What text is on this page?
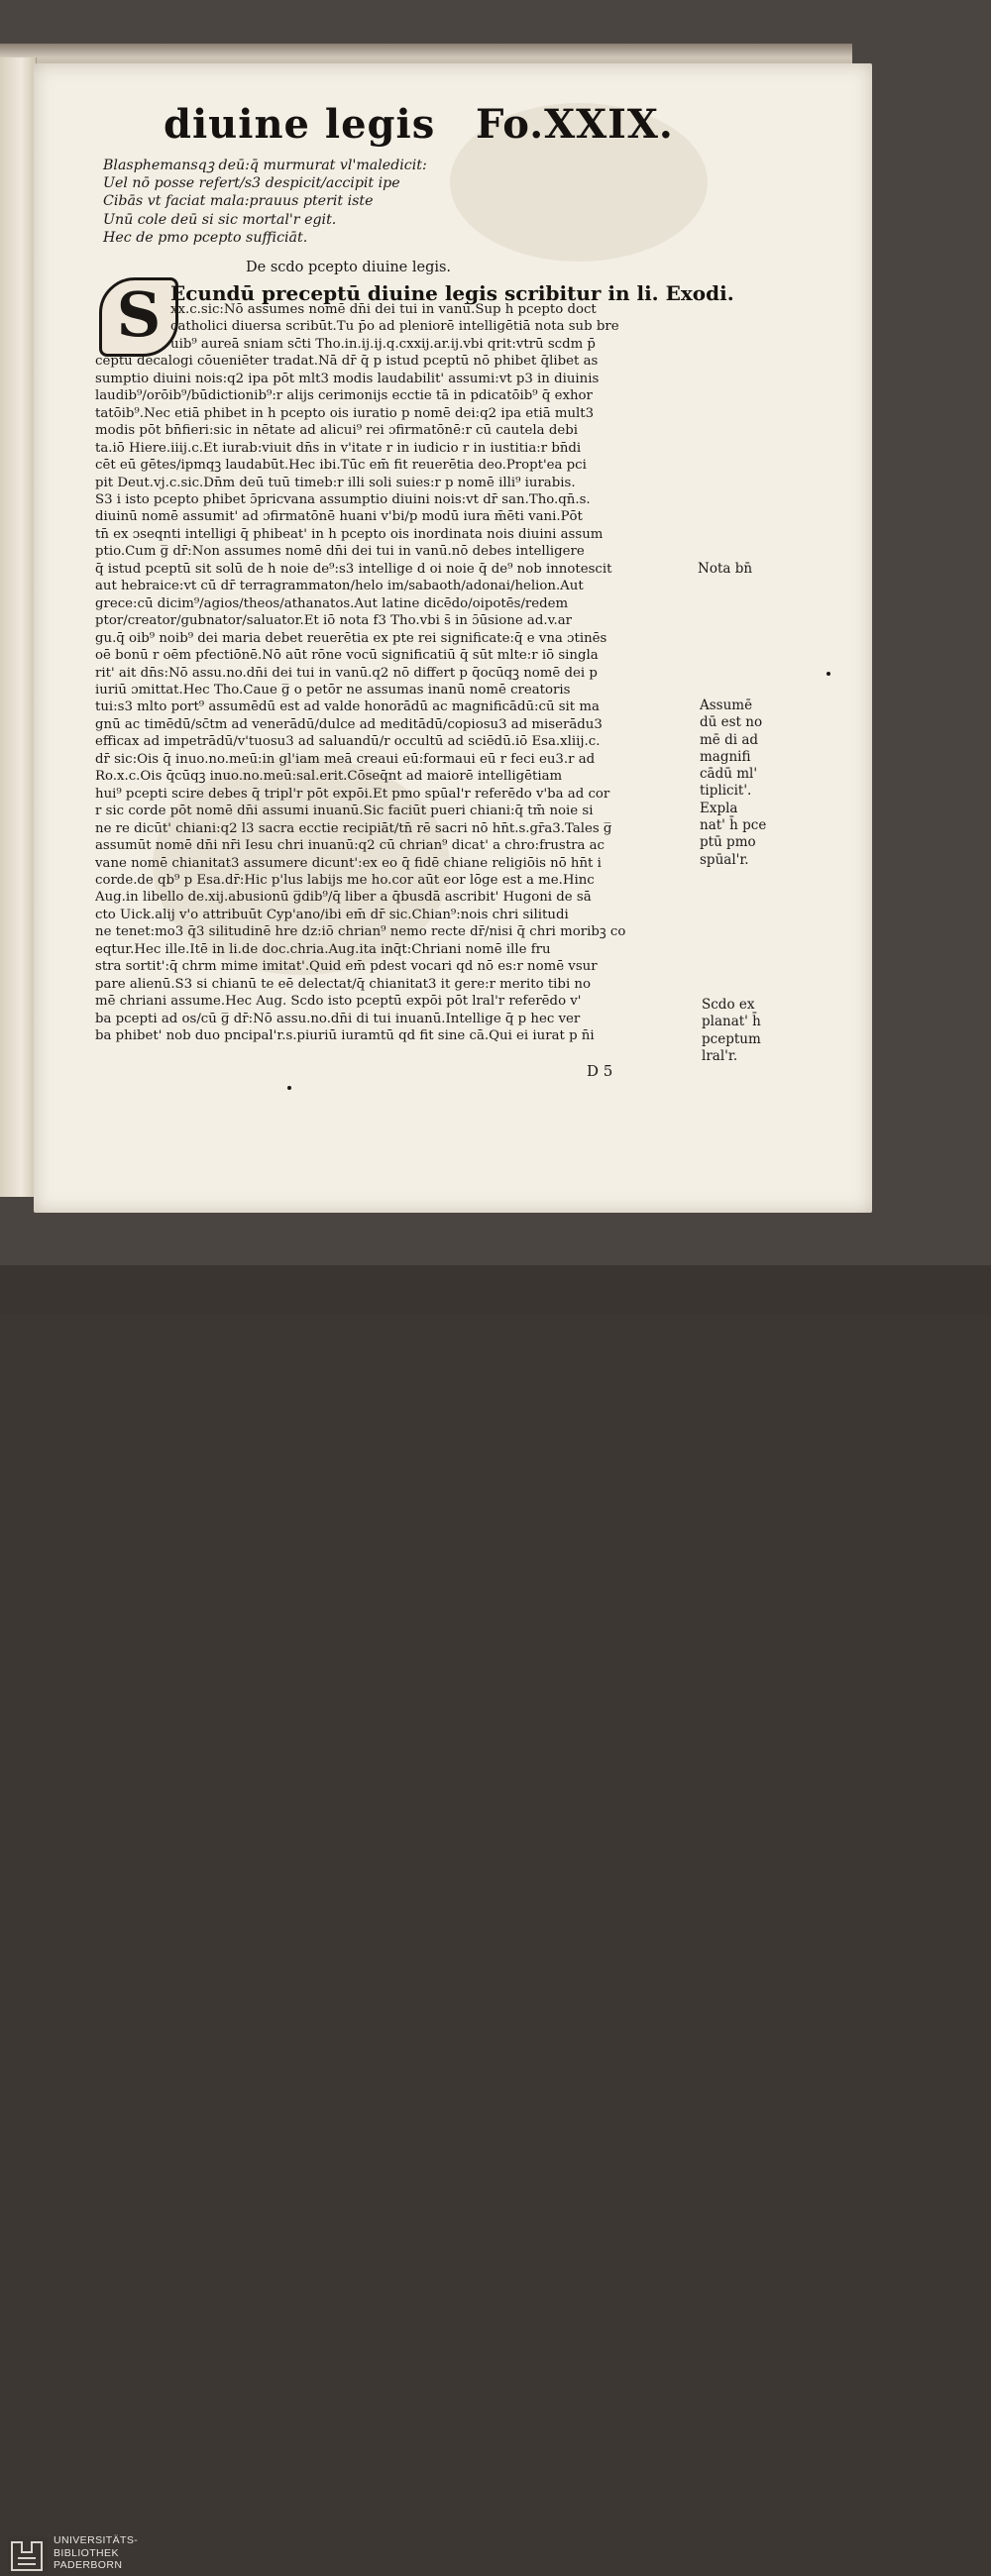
diuine legis Fo.XXIX.
Blasphemansqꝫ deū:q̄ murmurat vl'maledicit:
Uel nō posse refert/s3 despicit/accipit ipe
Cibās vt faciat mala:prauus pterit iste
Unū cole deū si sic mortal'r egit.
Hec de pmo pcepto sufficiāt.
De scdo pcepto diuine legis.
S Ecundū preceptū diuine legis scribitur in li. Exodi.
xx.c.sic:Nō assumes nomē dn̄i dei tui in vanū.Sup h̄ pcepto doct
catholici diuersa scribūt.Tu p̄o ad pleniorē intelligētiā nota sub bre
uib⁹ aureā sniam sc̄ti Tho.in.ij.ij.q.cxxij.ar.ij.vbi qrit:vtrū scdm p̄
ceptū decalogi cōueniēter tradat.Nā dr̄ q̄ p istud pceptū nō phibet q̄libet as
sumptio diuini nois:q2 ipa pōt mlt3 modis laudabilit' assumi:vt p3 in diuinis
laudib⁹/orōib⁹/būdictionib⁹:r alijs cerimonijs ecctie tā in pdicatōib⁹ q̄ exhor
tatōib⁹.Nec etiā phibet in h̄ pcepto ois iuratio p nomē dei:q2 ipa etiā mult3
modis pōt bn̄fieri:sic in nētate ad alicui⁹ rei ɔfirmatōnē:r cū cautela debi
ta.iō Hiere.iiij.c.Et iurab:viuit dn̄s in v'itate r in iudicio r in iustitia:r bn̄di
cēt eū gētes/ipmqꝫ laudabūt.Hec ibi.Tūc em̄ fit reuerētia deo.Propt'ea pci
pit Deut.vj.c.sic.Dn̄m deū tuū timeb:r illi soli suies:r p nomē illi⁹ iurabis.
S3 i isto pcepto phibet ɔ̄pricvana assumptio diuini nois:vt dr̄ san.Tho.qn̄.s.
diuinū nomē assumit' ad ɔfirmatōnē h̄uani v'bi/p modū iura m̄ēti vani.Pōt
tn̄ ex ɔseqnti intelligi q̄ phibeat' in h̄ pcepto ois inordinata nois diuini assum
ptio.Cum g̅ dr̄:Non assumes nomē dn̄i dei tui in vanū.nō debes intelligere
q̄ istud pceptū sit solū de h̄ noie de⁹:s3 intellige d oi noie q̄ de⁹ nob innotescit
aut hebraice:vt cū dr̄ terragrammaton/helo im/sabaoth/adonai/helion.Aut
grece:cū dicim⁹/agios/theos/athanatos.Aut latine dicēdo/oipotēs/redem
ptor/creator/gubnator/saluator.Et iō nota f3 Tho.vbi s̄ in ɔ̄ūsione ad.v.ar
gu.q̄ oib⁹ noib⁹ dei maria debet reuerētia ex pte rei significate:q̄ e vna ɔtinēs
oē bonū r oēm pfectiōnē.Nō aūt rōne vocū significatiū q̄ sūt mlte:r iō singla
rit' ait dn̄s:Nō assu.no.dn̄i dei tui in vanū.q2 nō differt p q̄ocūqꝫ nomē dei p
iuriū ɔmittat.Hec Tho.Caue g̅ o petōr ne assumas inanū nomē creatoris
tui:s3 mlto port⁹ assumēdū est ad valde honorādū ac magnificādū:cū sit ma
gnū ac timēdū/sc̄tm ad venerādū/dulce ad meditādū/copiosu3 ad miserādu3
efficax ad impetrādū/v'tuosu3 ad saluandū/r occultū ad sciēdū.iō Esa.xliij.c.
dr̄ sic:Ois q̄ inuo.no.meū:in gl'iam meā creaui eū:formaui eū r feci eu3.r ad
Ro.x.c.Ois q̄cūqꝫ inuo.no.meū:sal.erit.Cōseq̄nt ad maiorē intelligētiam
hui⁹ pcepti scire debes q̄ tripl'r pōt expōi.Et pmo spūal'r referēdo v'ba ad cor
r sic corde pōt nomē dn̄i assumi inuanū.Sic faciūt pueri ch̄iani:q̄ tm̄ noie si
ne re dicūt' ch̄iani:q2 l3 sacra ecctie recipiāt/tn̄ rē sacri nō hn̄t.s.gr̄a3.Tales g̅
assumūt nomē dn̄i nr̄i Iesu ch̄ri inuanū:q2 cū ch̄rian⁹ dicat' a ch̄ro:frustra ac
vane nomē ch̄ianitat3 assumere dicunt':ex eo q̄ fidē ch̄iane religiōis nō hn̄t i
corde.de qb⁹ p Esa.dr̄:Hic p'lus labijs me ho.cor aūt eor lōge est a me.Hinc
Aug.in libello de.xij.abusionū g̅dib⁹/q̄ liber a q̄busdā ascribit' Hugoni de sā
cto Uick.alij v'o attribuūt Cyp'ano/ibi em̄ dr̄ sic.Ch̄ian⁹:nois ch̄ri silitudi
ne tenet:mo3 q̄3 silitudinē h̄re dz:iō ch̄rian⁹ nemo recte dr̄/nisi q̄ ch̄ri moribꝫ co
eqtur.Hec ille.Itē in li.de doc.ch̄ria.Aug.ita inq̄t:Ch̄riani nomē ille fru
stra sortit':q̄ ch̄rm mime imitat'.Quid em̄ pdest vocari qd nō es:r nomē vsur
pare alienū.S3 si ch̄ianū te eē delectat/q̄ ch̄ianitat3 it gere:r merito tibi no
mē ch̄riani assume.Hec Aug. Scdo isto pceptū expōi pōt lral'r referēdo v'
ba pcepti ad os/cū g̅ dr̄:Nō assu.no.dn̄i di tui inuanū.Intellige q̄ p hec ver
ba phibet' nob duo pncipal'r.s.piuriū iuramtū qd fit sine cā.Qui ei iurat p n̄i
Nota bn̄
Assumē
dū est no
mē di ad
magnifi
cādū ml'
tiplicit'.
Expla
nat' h̄ pce
ptū pmo
spūal'r.
Scdo ex
planat' h̄
pceptum
lral'r.
D 5
UNIVERSITÄTS-
BIBLIOTHEK
PADERBORN
